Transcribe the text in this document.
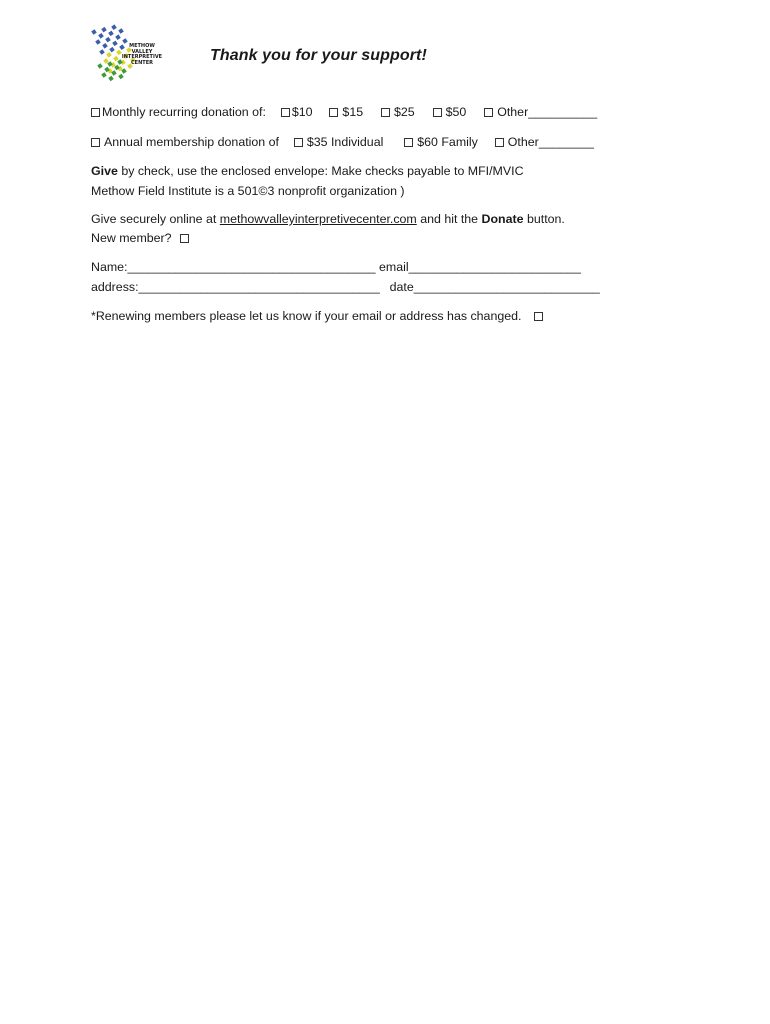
METHOW
VALLEY
INTERPRETIVE
CENTER	Thank you for your support!
Monthly recurring donation of: $10 $15 $25 $50 Other__________
Annual membership donation of $35 Individual	$60 Family Other________
Give by check, use the enclosed envelope: Make checks payable to MFI/MVIC
Methow Field Institute is a 501©3 nonprofit organization )
Give securely online at methowvalleyinterpretivecenter.com and hit the Donate button.
New member?
Name:____________________________________ email_________________________
address:___________________________________ date___________________________
*Renewing members please let us know if your email or address has changed.
